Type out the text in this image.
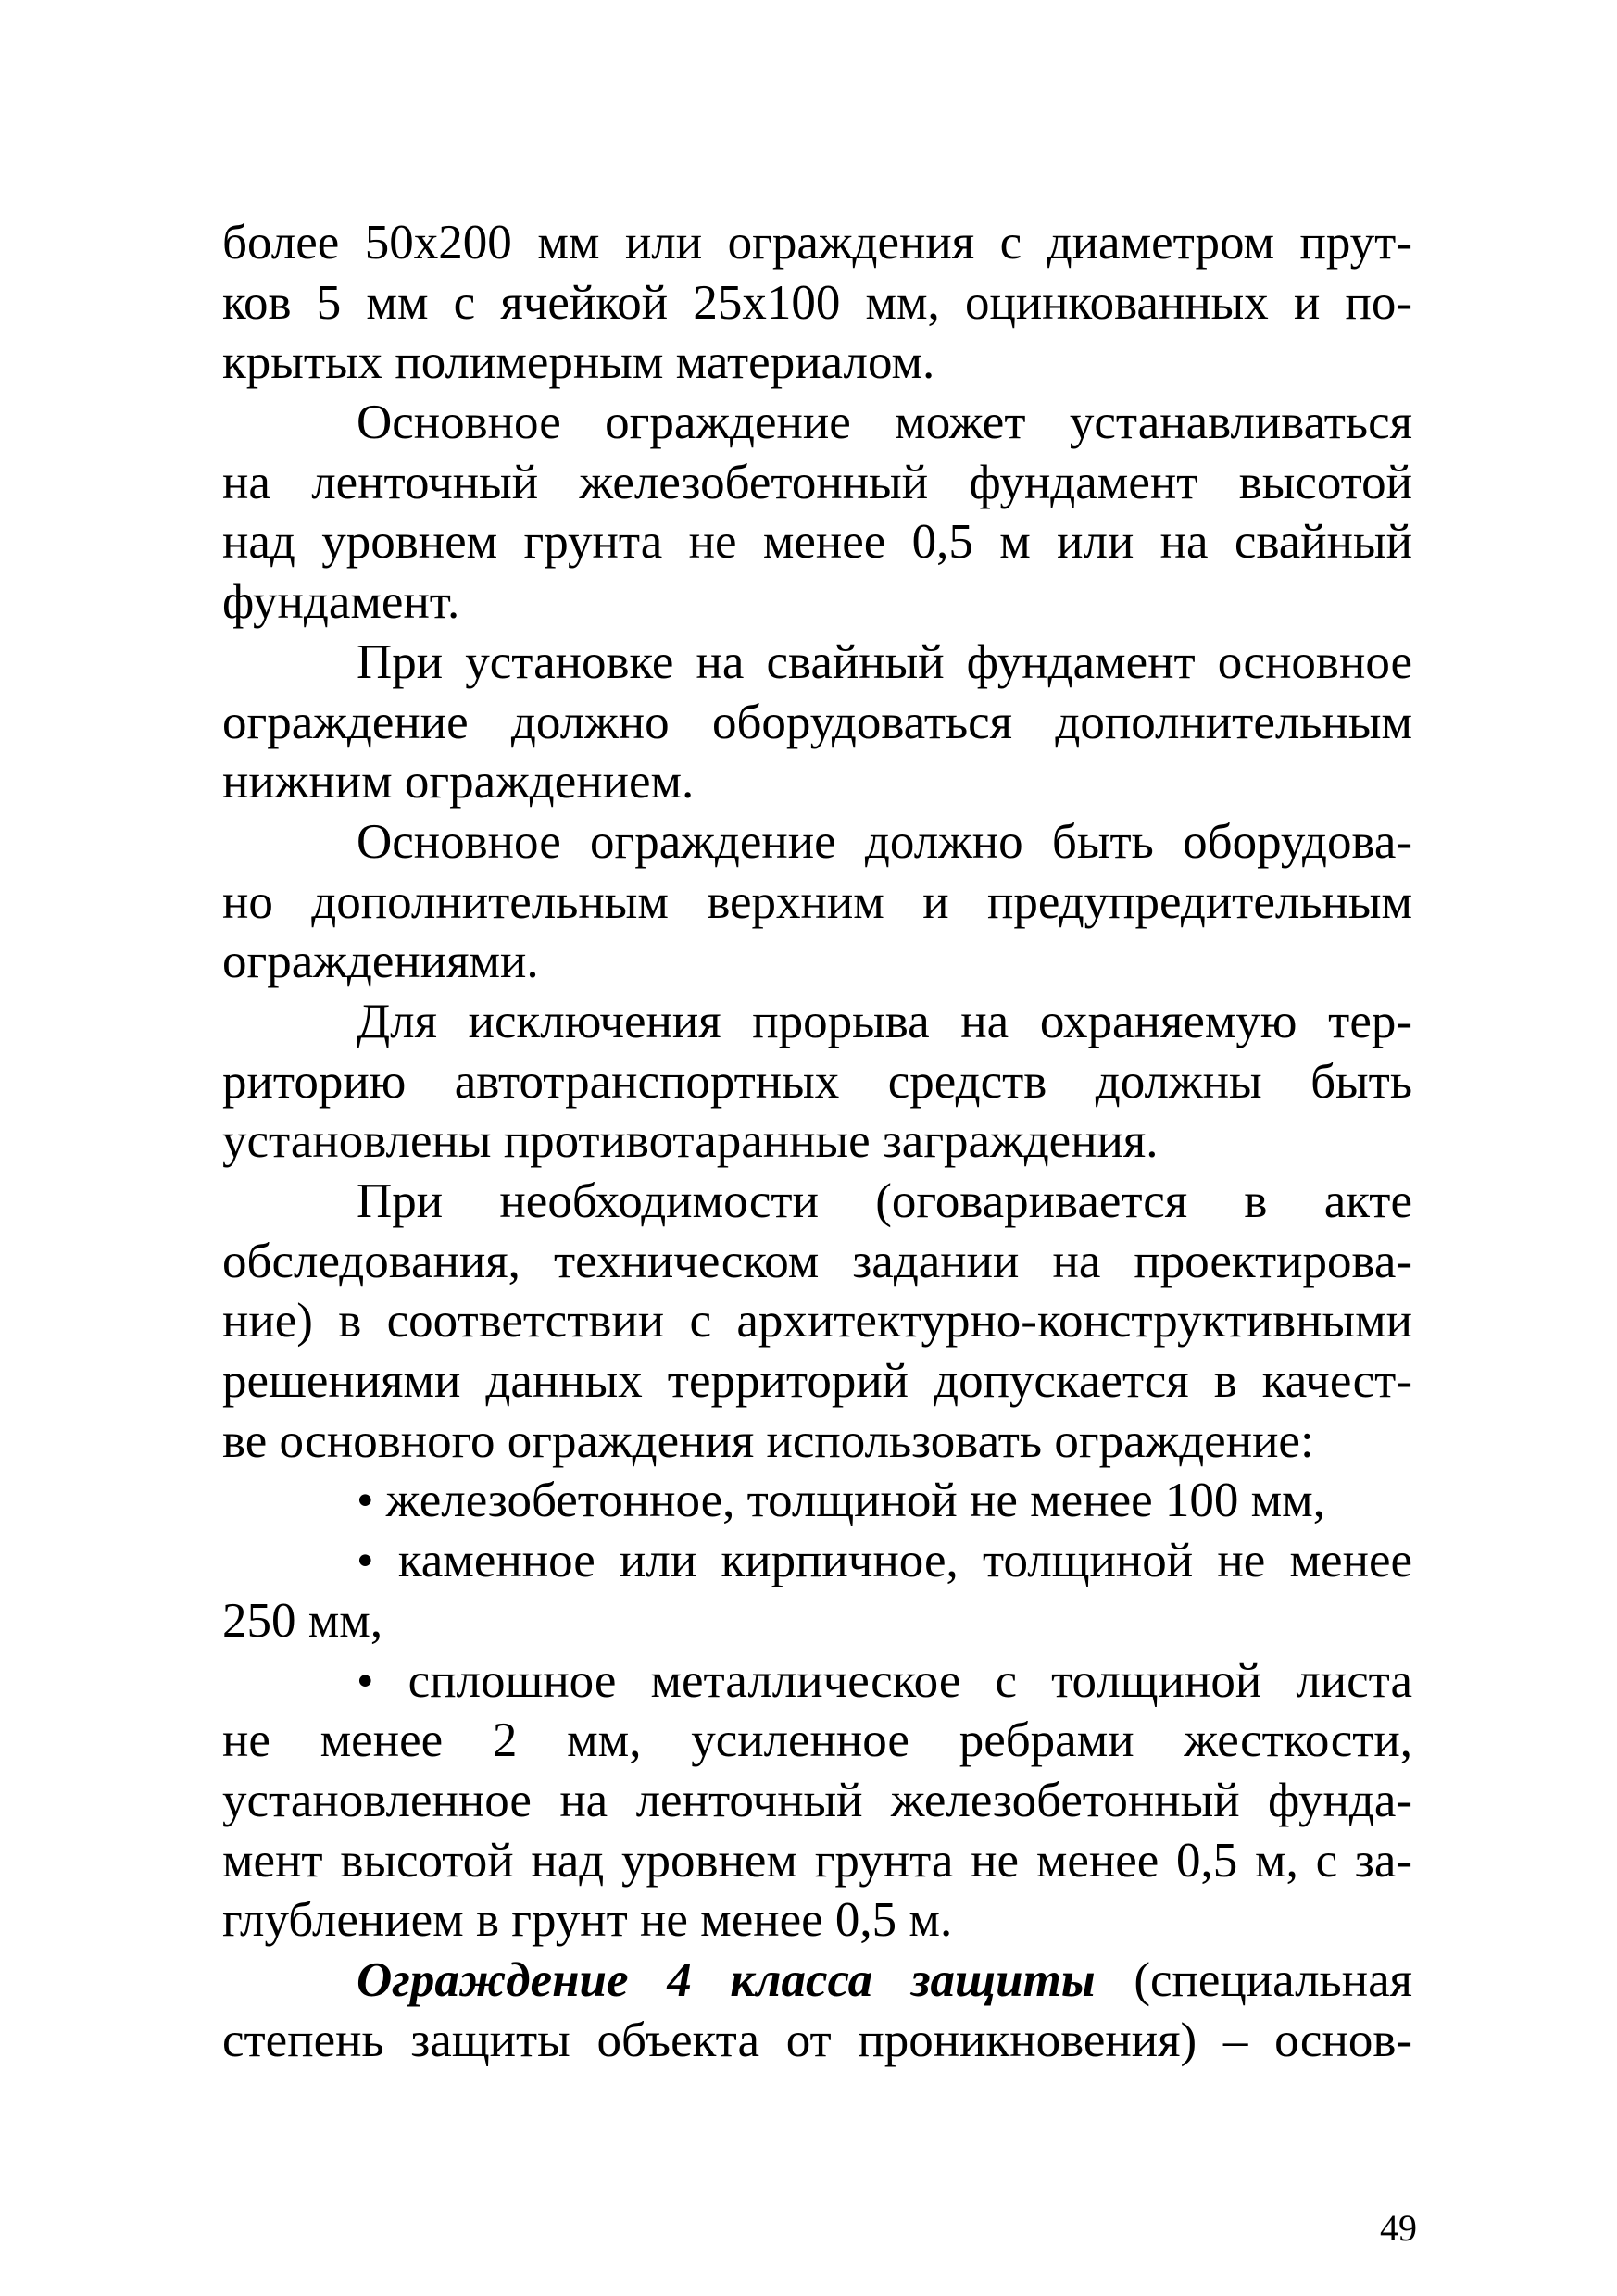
более 50х200 мм или ограждения с диаметром прут-
ков 5 мм с ячейкой 25х100 мм, оцинкованных и по-
крытых полимерным материалом.
Основное ограждение может устанавливаться
на ленточный железобетонный фундамент высотой
над уровнем грунта не менее 0,5 м или на свайный
фундамент.
При установке на свайный фундамент основное
ограждение должно оборудоваться дополнительным
нижним ограждением.
Основное ограждение должно быть оборудова-
но дополнительным верхним и предупредительным
ограждениями.
Для исключения прорыва на охраняемую тер-
риторию автотранспортных средств должны быть
установлены противотаранные заграждения.
При необходимости (оговаривается в акте
обследования, техническом задании на проектирова-
ние) в соответствии с архитектурно-конструктивными
решениями данных территорий допускается в качест-
ве основного ограждения использовать ограждение:
• железобетонное, толщиной не менее 100 мм,
• каменное или кирпичное, толщиной не менее
250 мм,
• сплошное металлическое с толщиной листа
не менее 2 мм, усиленное ребрами жесткости,
установленное на ленточный железобетонный фунда-
мент высотой над уровнем грунта не менее 0,5 м, с за-
глублением в грунт не менее 0,5 м.
Ограждение 4 класса защиты (специальная
степень защиты объекта от проникновения) – основ-
49
